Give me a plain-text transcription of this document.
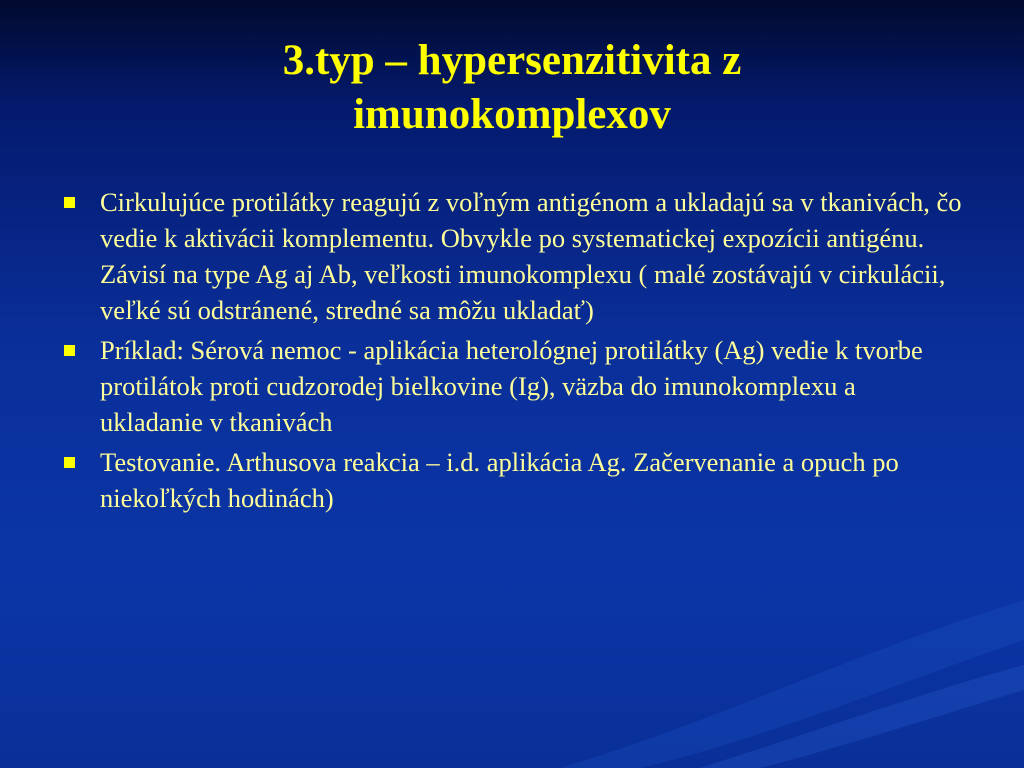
3.typ – hypersenzitivita z
imunokomplexov
Cirkulujúce protilátky reagujú z voľným antigénom a ukladajú sa v tkanivách, čo vedie k aktivácii komplementu. Obvykle po systematickej expozícii antigénu. Závisí na type Ag aj Ab, veľkosti imunokomplexu ( malé zostávajú v cirkulácii, veľké sú odstránené, stredné sa môžu ukladať)
Príklad: Sérová nemoc - aplikácia heterológnej protilátky (Ag) vedie k tvorbe protilátok proti cudzorodej bielkovine (Ig), väzba do imunokomplexu a ukladanie v tkanivách
Testovanie. Arthusova reakcia – i.d. aplikácia Ag. Začervenanie a opuch po niekoľkých hodinách)
